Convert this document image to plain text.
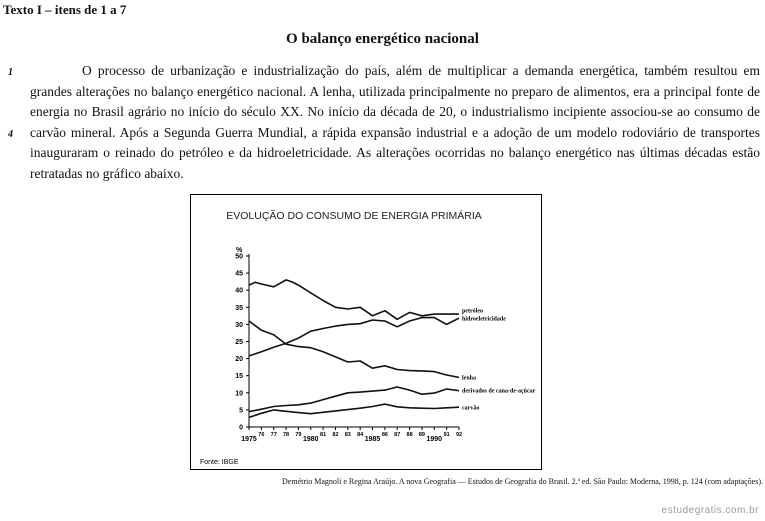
Texto I – itens de 1 a 7
O balanço energético nacional
1
4

O processo de urbanização e industrialização do país, além de multiplicar a demanda energética, também resultou em grandes alterações no balanço energético nacional. A lenha, utilizada principalmente no preparo de alimentos, era a principal fonte de energia no Brasil agrário no início do século XX. No início da década de 20, o industrialismo incipiente associou-se ao consumo de carvão mineral. Após a Segunda Guerra Mundial, a rápida expansão industrial e a adoção de um modelo rodoviário de transportes inauguraram o reinado do petróleo e da hidroeletricidade. As alterações ocorridas no balanço energético nas últimas décadas estão retratadas no gráfico abaixo.

EVOLUÇÃO DO CONSUMO DE ENERGIA PRIMÁRIA
%
0
5
10
15
20
25
30
35
40
45
50
1975
76 77 78 79
1980
81 82 83 84
1985
86 87 88 89
1990
91 92
petróleo
hidroeletricidade
lenha
derivados de cana-de-açúcar
carvão
Fonte: IBGE
Demétrio Magnoli e Regina Araújo. A nova Geografia — Estudos de Geografia do Brasil. 2.ª ed. São Paulo: Moderna, 1998, p. 124 (com adaptações).
estudegratis.com.br
